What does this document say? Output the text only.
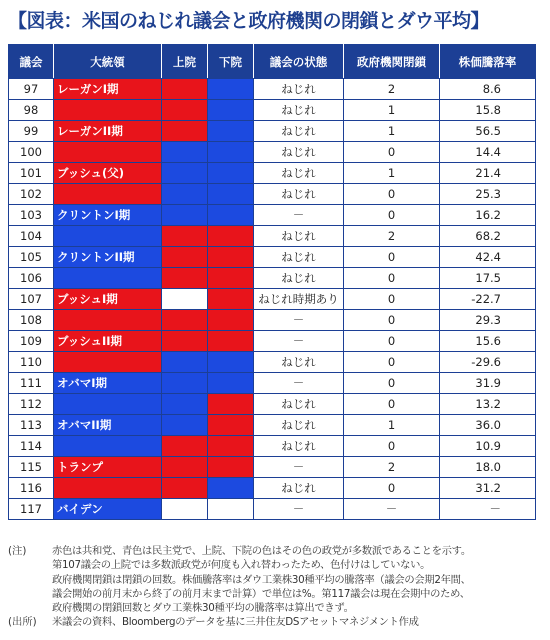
【図表：米国のねじれ議会と政府機関の閉鎖とダウ平均】
議会	大統領	上院	下院	議会の状態	政府機関閉鎖	株価騰落率
97	レーガンI期			ねじれ	2	8.6
98				ねじれ	1	15.8
99	レーガンII期			ねじれ	1	56.5
100				ねじれ	0	14.4
101	ブッシュ(父)			ねじれ	1	21.4
102				ねじれ	0	25.3
103	クリントンI期			－	0	16.2
104				ねじれ	2	68.2
105	クリントンII期			ねじれ	0	42.4
106				ねじれ	0	17.5
107	ブッシュI期			ねじれ時期あり	0	-22.7
108				－	0	29.3
109	ブッシュII期			－	0	15.6
110				ねじれ	0	-29.6
111	オバマI期			－	0	31.9
112				ねじれ	0	13.2
113	オバマII期			ねじれ	1	36.0
114				ねじれ	0	10.9
115	トランプ			－	2	18.0
116				ねじれ	0	31.2
117	バイデン			－	－	－
(注)	赤色は共和党、青色は民主党で、上院、下院の色はその色の政党が多数派であることを示す。
第107議会の上院では多数派政党が何度も入れ替わったため、色付けはしていない。
政府機関閉鎖は閉鎖の回数。株価騰落率はダウ工業株30種平均の騰落率（議会の会期2年間、
議会開始の前月末から終了の前月末まで計算）で単位は%。第117議会は現在会期中のため、
政府機関の閉鎖回数とダウ工業株30種平均の騰落率は算出できず。
(出所)	米議会の資料、Bloombergのデータを基に三井住友DSアセットマネジメント作成
